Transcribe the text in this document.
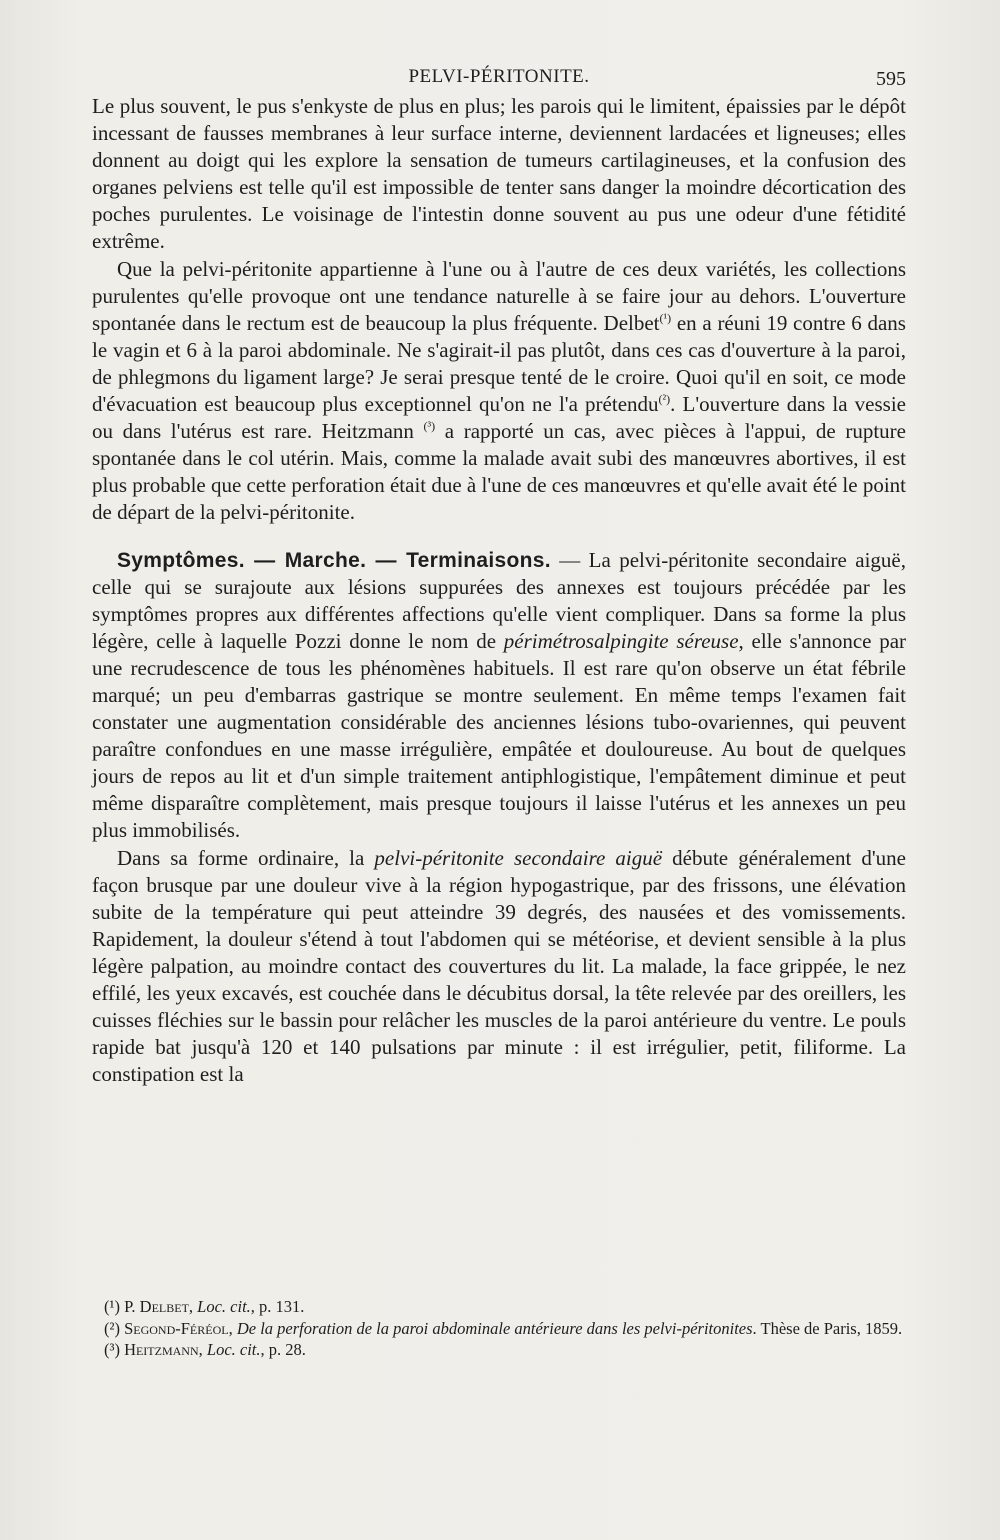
PELVI-PÉRITONITE.	595

Le plus souvent, le pus s'enkyste de plus en plus; les parois qui le limitent, épaissies par le dépôt incessant de fausses membranes à leur surface interne, deviennent lardacées et ligneuses; elles donnent au doigt qui les explore la sensation de tumeurs cartilagineuses, et la confusion des organes pelviens est telle qu'il est impossible de tenter sans danger la moindre décortication des poches purulentes. Le voisinage de l'intestin donne souvent au pus une odeur d'une fétidité extrême.

Que la pelvi-péritonite appartienne à l'une ou à l'autre de ces deux variétés, les collections purulentes qu'elle provoque ont une tendance naturelle à se faire jour au dehors. L'ouverture spontanée dans le rectum est de beaucoup la plus fréquente. Delbet$^{(^1)}$ en a réuni 19 contre 6 dans le vagin et 6 à la paroi abdominale. Ne s'agirait-il pas plutôt, dans ces cas d'ouverture à la paroi, de phlegmons du ligament large? Je serai presque tenté de le croire. Quoi qu'il en soit, ce mode d'évacuation est beaucoup plus exceptionnel qu'on ne l'a prétendu$^{(^2)}$. L'ouverture dans la vessie ou dans l'utérus est rare. Heitzmann $^{(^3)}$ a rapporté un cas, avec pièces à l'appui, de rupture spontanée dans le col utérin. Mais, comme la malade avait subi des manœuvres abortives, il est plus probable que cette perforation était due à l'une de ces manœuvres et qu'elle avait été le point de départ de la pelvi-péritonite.

Symptômes. — Marche. — Terminaisons. — La pelvi-péritonite secondaire aiguë, celle qui se surajoute aux lésions suppurées des annexes est toujours précédée par les symptômes propres aux différentes affections qu'elle vient compliquer. Dans sa forme la plus légère, celle à laquelle Pozzi donne le nom de périmétrosalpingite séreuse, elle s'annonce par une recrudescence de tous les phénomènes habituels. Il est rare qu'on observe un état fébrile marqué; un peu d'embarras gastrique se montre seulement. En même temps l'examen fait constater une augmentation considérable des anciennes lésions tubo-ovariennes, qui peuvent paraître confondues en une masse irrégulière, empâtée et douloureuse. Au bout de quelques jours de repos au lit et d'un simple traitement antiphlogistique, l'empâtement diminue et peut même disparaître complètement, mais presque toujours il laisse l'utérus et les annexes un peu plus immobilisés.

Dans sa forme ordinaire, la pelvi-péritonite secondaire aiguë débute généralement d'une façon brusque par une douleur vive à la région hypogastrique, par des frissons, une élévation subite de la température qui peut atteindre 39 degrés, des nausées et des vomissements. Rapidement, la douleur s'étend à tout l'abdomen qui se météorise, et devient sensible à la plus légère palpation, au moindre contact des couvertures du lit. La malade, la face grippée, le nez effilé, les yeux excavés, est couchée dans le décubitus dorsal, la tête relevée par des oreillers, les cuisses fléchies sur le bassin pour relâcher les muscles de la paroi antérieure du ventre. Le pouls rapide bat jusqu'à 120 et 140 pulsations par minute : il est irrégulier, petit, filiforme. La constipation est la

(¹) P. Delbet, Loc. cit., p. 131.

(²) Segond-Féréol, De la perforation de la paroi abdominale antérieure dans les pelvi-péritonites. Thèse de Paris, 1859.

(³) Heitzmann, Loc. cit., p. 28.
